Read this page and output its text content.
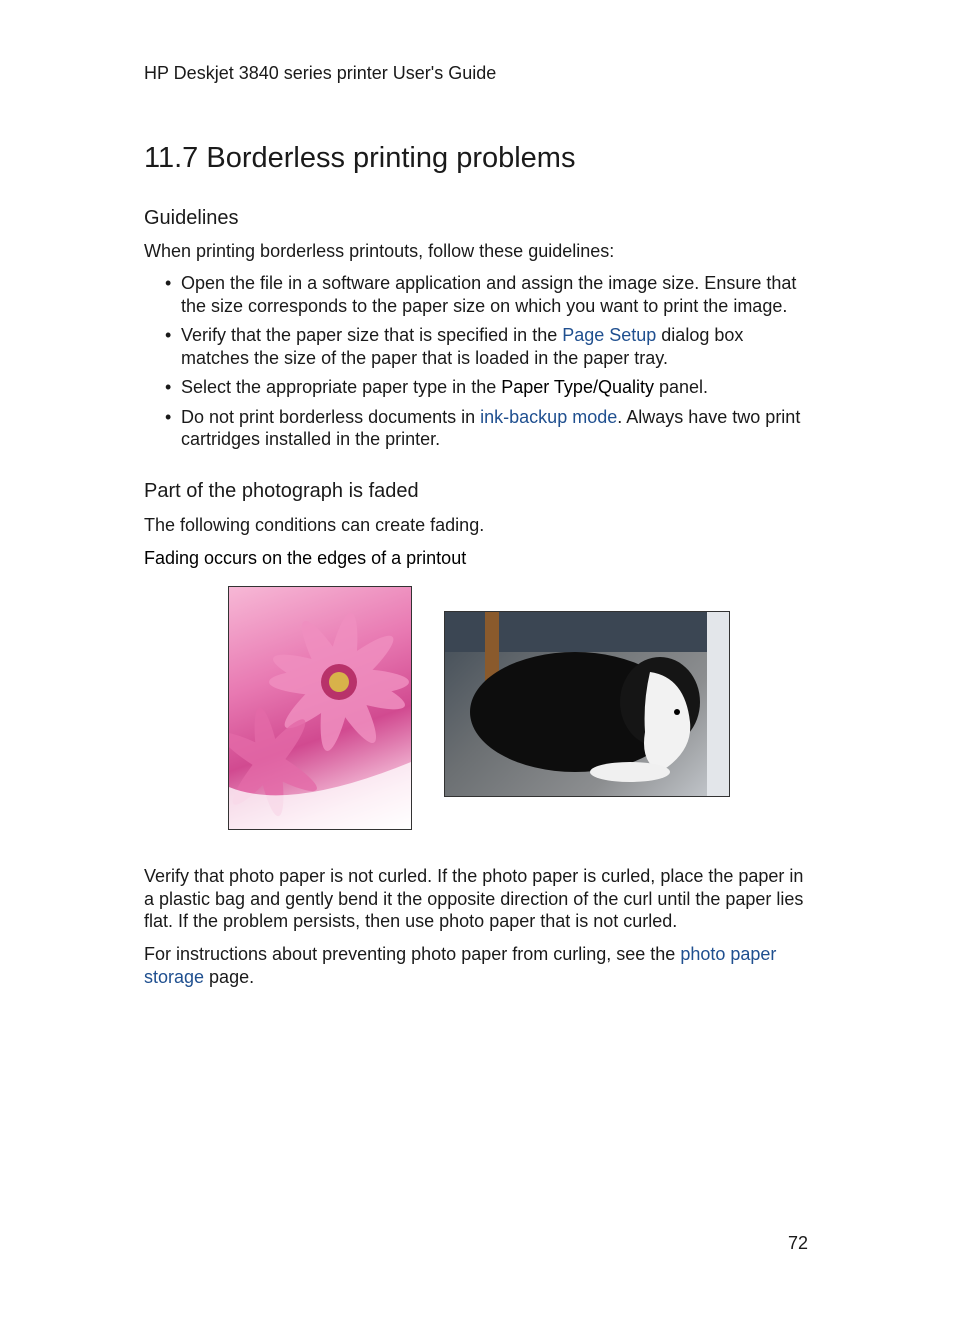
HP Deskjet 3840 series printer User's Guide
11.7 Borderless printing problems
Guidelines

When printing borderless printouts, follow these guidelines:

• Open the file in a software application and assign the image size. Ensure that the size corresponds to the paper size on which you want to print the image.
• Verify that the paper size that is specified in the Page Setup dialog box matches the size of the paper that is loaded in the paper tray.
• Select the appropriate paper type in the Paper Type/Quality panel.
• Do not print borderless documents in ink-backup mode. Always have two print cartridges installed in the printer.
Part of the photograph is faded

The following conditions can create fading.

Fading occurs on the edges of a printout

Verify that photo paper is not curled. If the photo paper is curled, place the paper in a plastic bag and gently bend it the opposite direction of the curl until the paper lies flat. If the problem persists, then use photo paper that is not curled.

For instructions about preventing photo paper from curling, see the photo paper storage page.

72
